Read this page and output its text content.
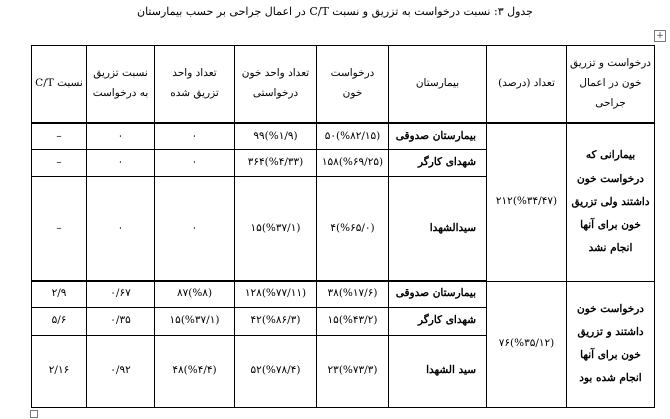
جدول ۳: نسبت درخواست به تزریق و نسبت C/T در اعمال جراحی بر حسب بیمارستان
+
درخواست و تزریق خون در اعمال جراحی	تعداد (درصد)	بیمارستان	درخواست خون	تعداد واحد خون درخواستی	تعداد واحد تزریق شده	نسبت تزریق به درخواست	نسبت C/T
بیمارانی که درخواست خون داشتند ولی تزریق خون برای آنها انجام نشد	۲۱۲(%۳۴/۴۷)	بیمارستان صدوقی	۵۰(%۸۲/۱۵)	۹۹(%۱/۹)	۰	۰	–
		شهدای کارگر	۱۵۸(%۶۹/۲۵)	۳۶۴(%۴/۳۳)	۰	۰	–
		سیدالشهدا	۴(%۶۵/۰)	۱۵(%۳۷/۱)	۰	۰	–
درخواست خون داشتند و تزریق خون برای آنها انجام شده بود	۷۶(%۳۵/۱۲)	بیمارستان صدوقی	۳۸(%۱۷/۶)	۱۲۸(%۷۷/۱۱)	۸۷(%۸)	۰/۶۷	۲/۹
		شهدای کارگر	۱۵(%۴۳/۲)	۴۲(%۸۶/۳)	۱۵(%۳۷/۱)	۰/۳۵	۵/۶
		سید الشهدا	۲۳(%۷۳/۳)	۵۲(%۷۸/۴)	۴۸(%۴/۴)	۰/۹۲	۲/۱۶
